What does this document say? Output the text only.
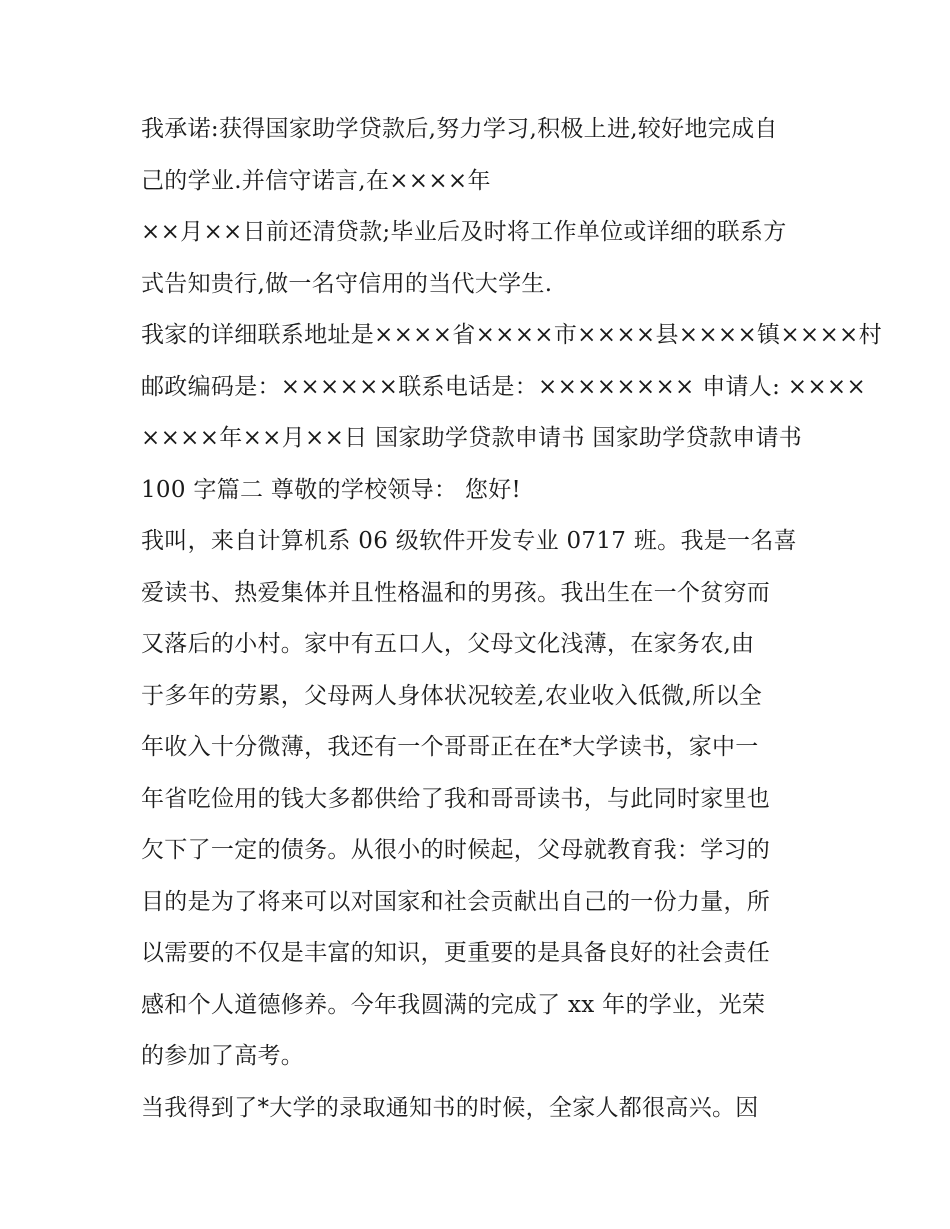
我承诺:获得国家助学贷款后,努力学习,积极上进,较好地完成自
己的学业.并信守诺言,在××××年
××月××日前还清贷款;毕业后及时将工作单位或详细的联系方
式告知贵行,做一名守信用的当代大学生.
我家的详细联系地址是××××省××××市××××县××××镇××××村
邮政编码是：××××××联系电话是：×××××××× 申请人: ××××
××××年××月××日 国家助学贷款申请书 国家助学贷款申请书
100 字篇二 尊敬的学校领导： 您好!
我叫，来自计算机系 06 级软件开发专业 0717 班。我是一名喜
爱读书、热爱集体并且性格温和的男孩。我出生在一个贫穷而
又落后的小村。家中有五口人，父母文化浅薄，在家务农,由
于多年的劳累，父母两人身体状况较差,农业收入低微,所以全
年收入十分微薄，我还有一个哥哥正在在*大学读书，家中一
年省吃俭用的钱大多都供给了我和哥哥读书，与此同时家里也
欠下了一定的债务。从很小的时候起，父母就教育我：学习的
目的是为了将来可以对国家和社会贡献出自己的一份力量，所
以需要的不仅是丰富的知识，更重要的是具备良好的社会责任
感和个人道德修养。今年我圆满的完成了 xx 年的学业，光荣
的参加了高考。
当我得到了*大学的录取通知书的时候，全家人都很高兴。因
